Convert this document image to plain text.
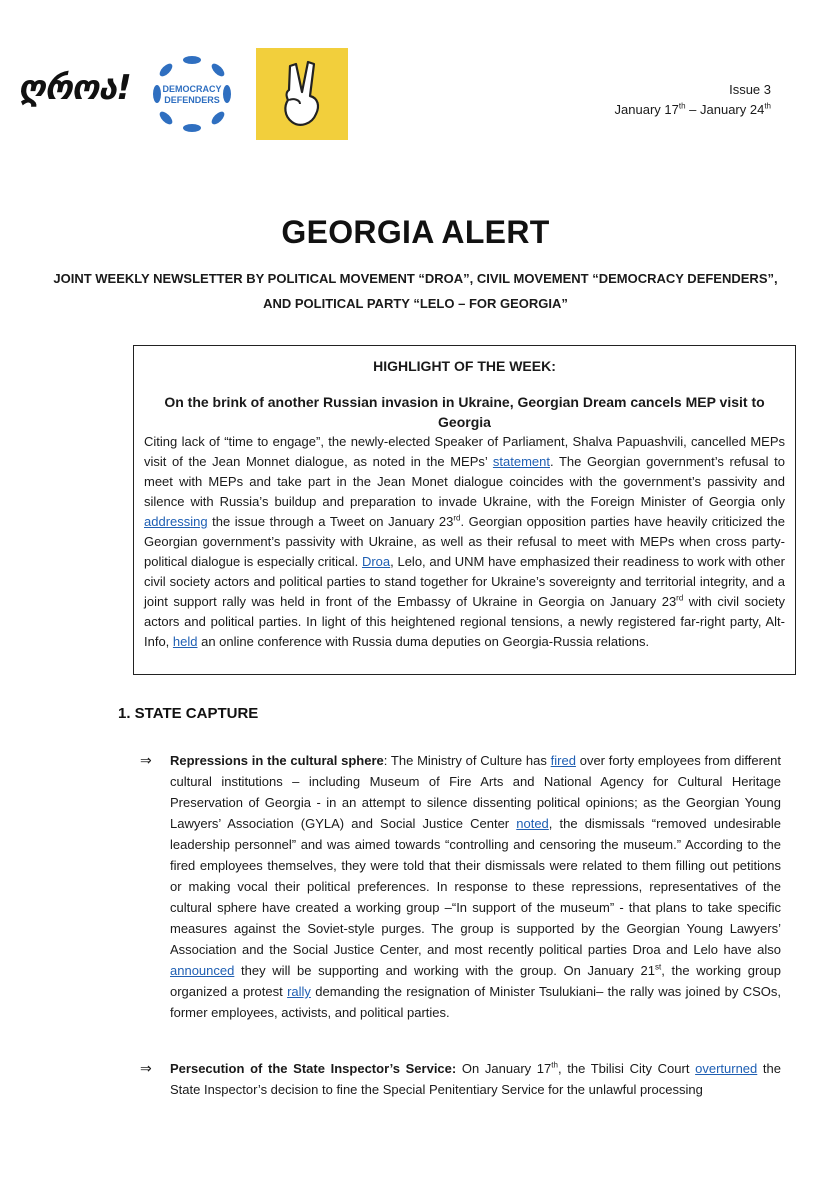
ღროა!	DEMOCRACY
DEFENDERS
Issue 3
January 17th – January 24th
GEORGIA ALERT
JOINT WEEKLY NEWSLETTER BY POLITICAL MOVEMENT “DROA”, CIVIL MOVEMENT “DEMOCRACY DEFENDERS”,
AND POLITICAL PARTY “LELO – FOR GEORGIA”
HIGHLIGHT OF THE WEEK:
On the brink of another Russian invasion in Ukraine, Georgian Dream cancels MEP visit to Georgia
Citing lack of “time to engage”, the newly-elected Speaker of Parliament, Shalva Papuashvili, cancelled MEPs visit of the Jean Monnet dialogue, as noted in the MEPs’ statement. The Georgian government’s refusal to meet with MEPs and take part in the Jean Monet dialogue coincides with the government’s passivity and silence with Russia’s buildup and preparation to invade Ukraine, with the Foreign Minister of Georgia only addressing the issue through a Tweet on January 23rd. Georgian opposition parties have heavily criticized the Georgian government’s passivity with Ukraine, as well as their refusal to meet with MEPs when cross party-political dialogue is especially critical. Droa, Lelo, and UNM have emphasized their readiness to work with other civil society actors and political parties to stand together for Ukraine’s sovereignty and territorial integrity, and a joint support rally was held in front of the Embassy of Ukraine in Georgia on January 23rd with civil society actors and political parties. In light of this heightened regional tensions, a newly registered far-right party, Alt-Info, held an online conference with Russia duma deputies on Georgia-Russia relations.
1. STATE CAPTURE
⇒ Repressions in the cultural sphere: The Ministry of Culture has fired over forty employees from different cultural institutions – including Museum of Fire Arts and National Agency for Cultural Heritage Preservation of Georgia - in an attempt to silence dissenting political opinions; as the Georgian Young Lawyers’ Association (GYLA) and Social Justice Center noted, the dismissals “removed undesirable leadership personnel” and was aimed towards “controlling and censoring the museum.” According to the fired employees themselves, they were told that their dismissals were related to them filling out petitions or making vocal their political preferences. In response to these repressions, representatives of the cultural sphere have created a working group –“In support of the museum” - that plans to take specific measures against the Soviet-style purges. The group is supported by the Georgian Young Lawyers’ Association and the Social Justice Center, and most recently political parties Droa and Lelo have also announced they will be supporting and working with the group. On January 21st, the working group organized a protest rally demanding the resignation of Minister Tsulukiani– the rally was joined by CSOs, former employees, activists, and political parties.
⇒ Persecution of the State Inspector’s Service: On January 17th, the Tbilisi City Court overturned the State Inspector’s decision to fine the Special Penitentiary Service for the unlawful processing
